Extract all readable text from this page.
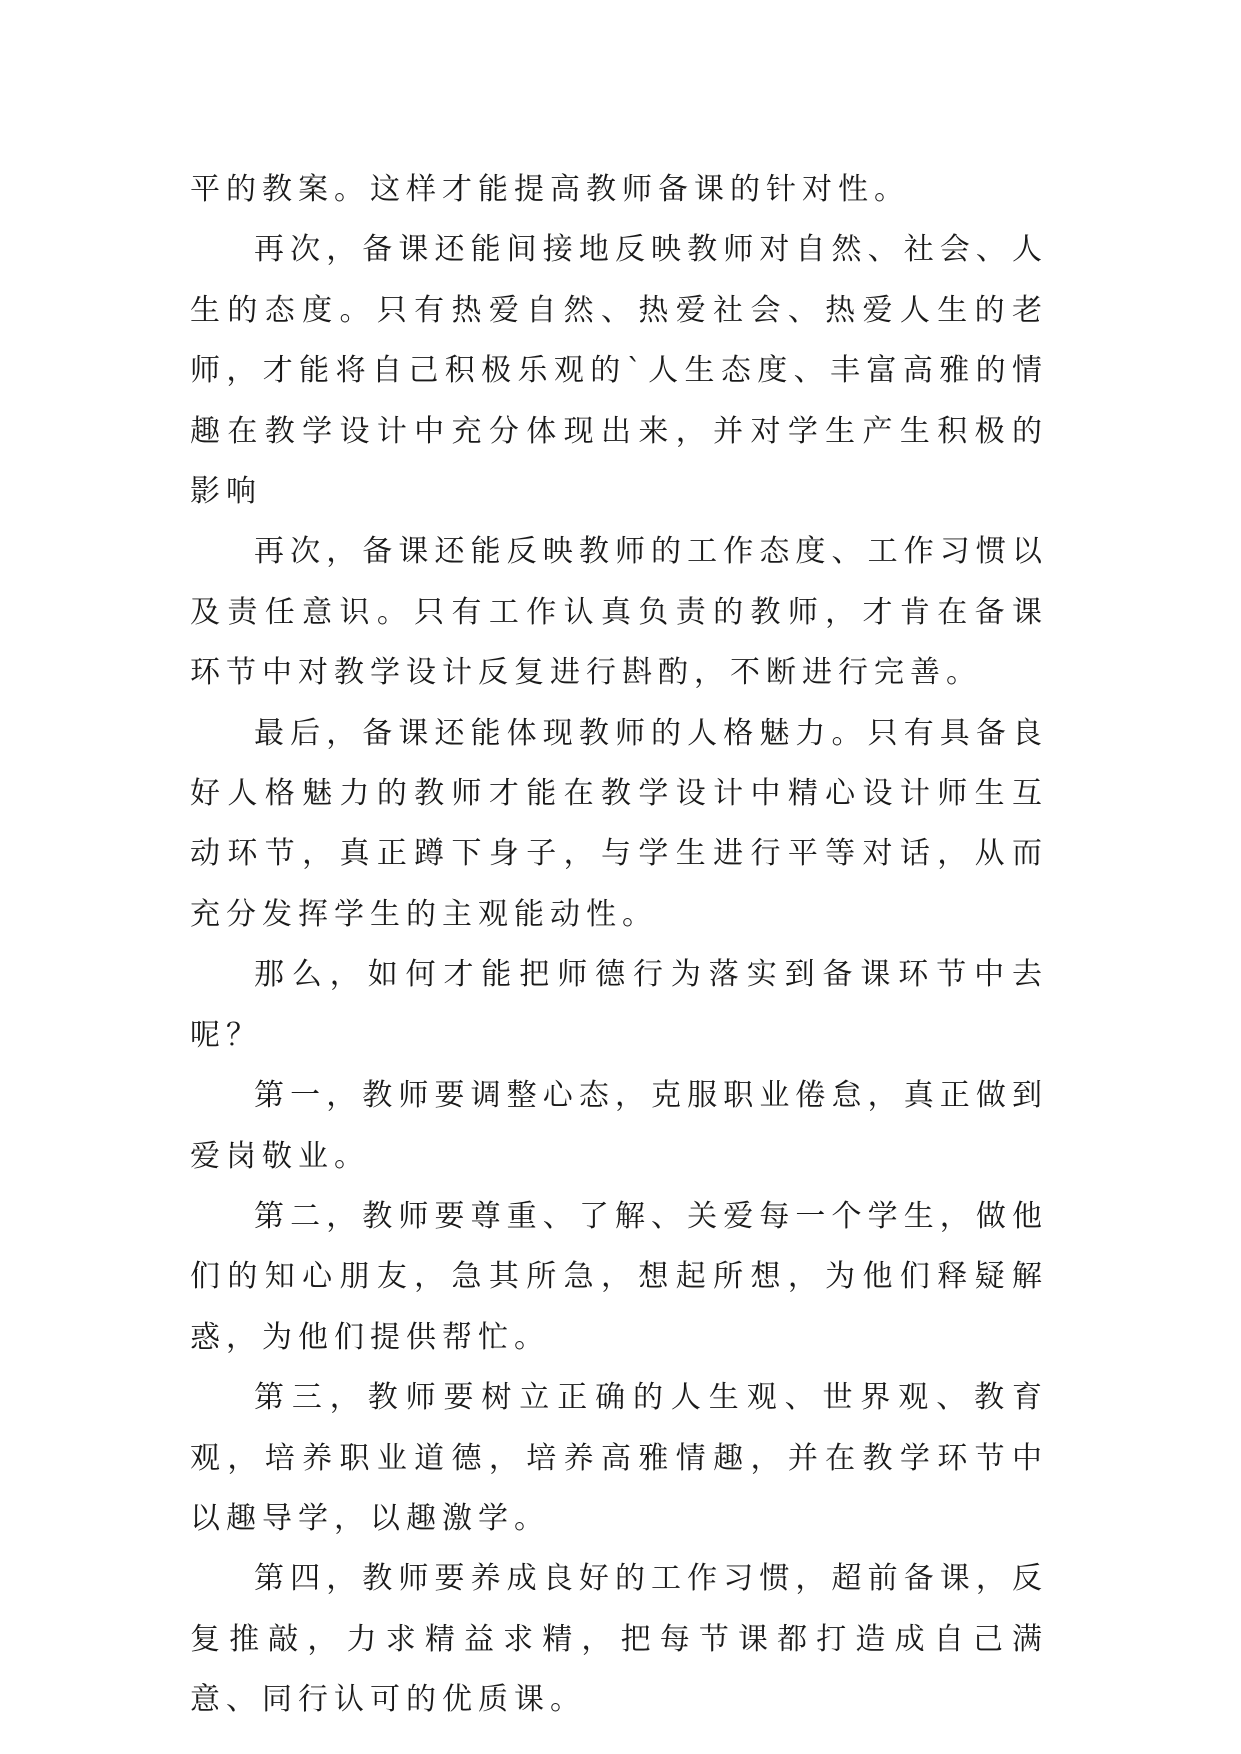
平的教案。这样才能提高教师备课的针对性。

再次，备课还能间接地反映教师对自然、社会、人生的态度。只有热爱自然、热爱社会、热爱人生的老师，才能将自己积极乐观的`人生态度、丰富高雅的情趣在教学设计中充分体现出来，并对学生产生积极的影响

再次，备课还能反映教师的工作态度、工作习惯以及责任意识。只有工作认真负责的教师，才肯在备课环节中对教学设计反复进行斟酌，不断进行完善。

最后，备课还能体现教师的人格魅力。只有具备良好人格魅力的教师才能在教学设计中精心设计师生互动环节，真正蹲下身子，与学生进行平等对话，从而充分发挥学生的主观能动性。

那么，如何才能把师德行为落实到备课环节中去呢？

第一，教师要调整心态，克服职业倦怠，真正做到爱岗敬业。

第二，教师要尊重、了解、关爱每一个学生，做他们的知心朋友，急其所急，想起所想，为他们释疑解惑，为他们提供帮忙。

第三，教师要树立正确的人生观、世界观、教育观，培养职业道德，培养高雅情趣，并在教学环节中以趣导学，以趣激学。

第四，教师要养成良好的工作习惯，超前备课，反复推敲，力求精益求精，把每节课都打造成自己满意、同行认可的优质课。
